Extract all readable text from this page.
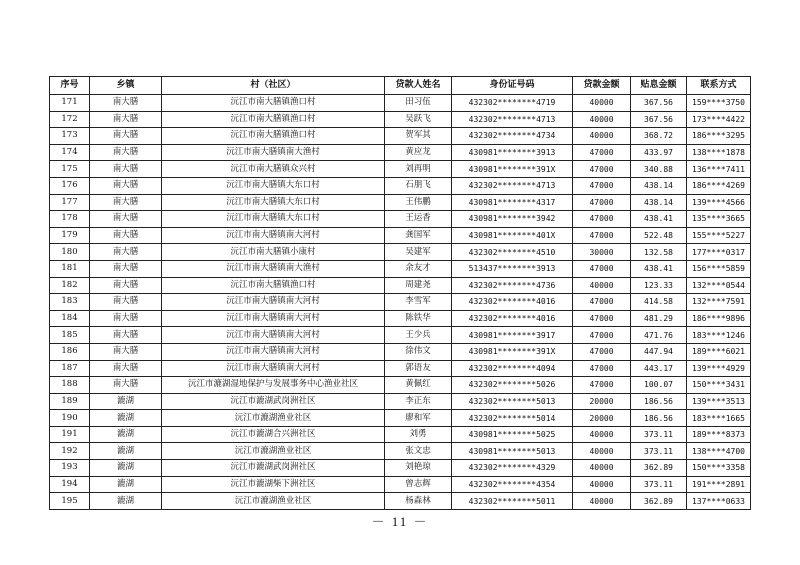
序号	乡镇	村（社区）	贷款人姓名	身份证号码	贷款金额	贴息金额	联系方式
171	南大膳	沅江市南大膳镇渔口村	田习伍	432302********4719	40000	367.56	159****3750
172	南大膳	沅江市南大膳镇渔口村	吴跃飞	432302********4713	40000	367.56	173****4422
173	南大膳	沅江市南大膳镇渔口村	贺军其	432302********4734	40000	368.72	186****3295
174	南大膳	沅江市南大膳镇南大渔村	黄应龙	430981********3913	47000	433.97	138****1878
175	南大膳	沅江市南大膳镇众兴村	刘再明	430981********391X	47000	340.88	136****7411
176	南大膳	沅江市南大膳镇大东口村	石朋飞	432302********4713	47000	438.14	186****4269
177	南大膳	沅江市南大膳镇大东口村	王伟鹏	430981********4317	47000	438.14	139****4566
178	南大膳	沅江市南大膳镇大东口村	王运香	430981********3942	47000	438.41	135****3665
179	南大膳	沅江市南大膳镇南大河村	龚国军	430981********401X	47000	522.48	155****5227
180	南大膳	沅江市南大膳镇小康村	吴建军	432302********4510	30000	132.58	177****0317
181	南大膳	沅江市南大膳镇南大渔村	余友才	513437********3913	47000	438.41	156****5859
182	南大膳	沅江市南大膳镇渔口村	周建尧	432302********4736	40000	123.33	132****0544
183	南大膳	沅江市南大膳镇南大河村	李雪军	432302********4016	47000	414.58	132****7591
184	南大膳	沅江市南大膳镇南大河村	陈铁华	432302********4016	47000	481.29	186****9896
185	南大膳	沅江市南大膳镇南大河村	王少兵	430981********3917	47000	471.76	183****1246
186	南大膳	沅江市南大膳镇南大河村	徐伟文	430981********391X	47000	447.94	189****6021
187	南大膳	沅江市南大膳镇南大河村	郭语友	432302********4094	47000	443.17	139****4929
188	南大膳	沅江市漉湖湿地保护与发展事务中心渔业社区	黄佩红	432302********5026	47000	100.07	150****3431
189	漉湖	沅江市漉湖武岗洲社区	李正东	432302********5013	20000	186.56	139****3513
190	漉湖	沅江市漉湖渔业社区	廖和军	432302********5014	20000	186.56	183****1665
191	漉湖	沅江市漉湖合兴洲社区	刘勇	430981********5025	40000	373.11	189****8373
192	漉湖	沅江市漉湖渔业社区	张文忠	430981********5013	40000	373.11	138****4700
193	漉湖	沅江市漉湖武岗洲社区	刘艳琼	432302********4329	40000	362.89	150****3358
194	漉湖	沅江市漉湖柴下洲社区	曾志辉	432302********4354	40000	373.11	191****2891
195	漉湖	沅江市漉湖渔业社区	杨森林	432302********5011	40000	362.89	137****0633
－ 11 －
